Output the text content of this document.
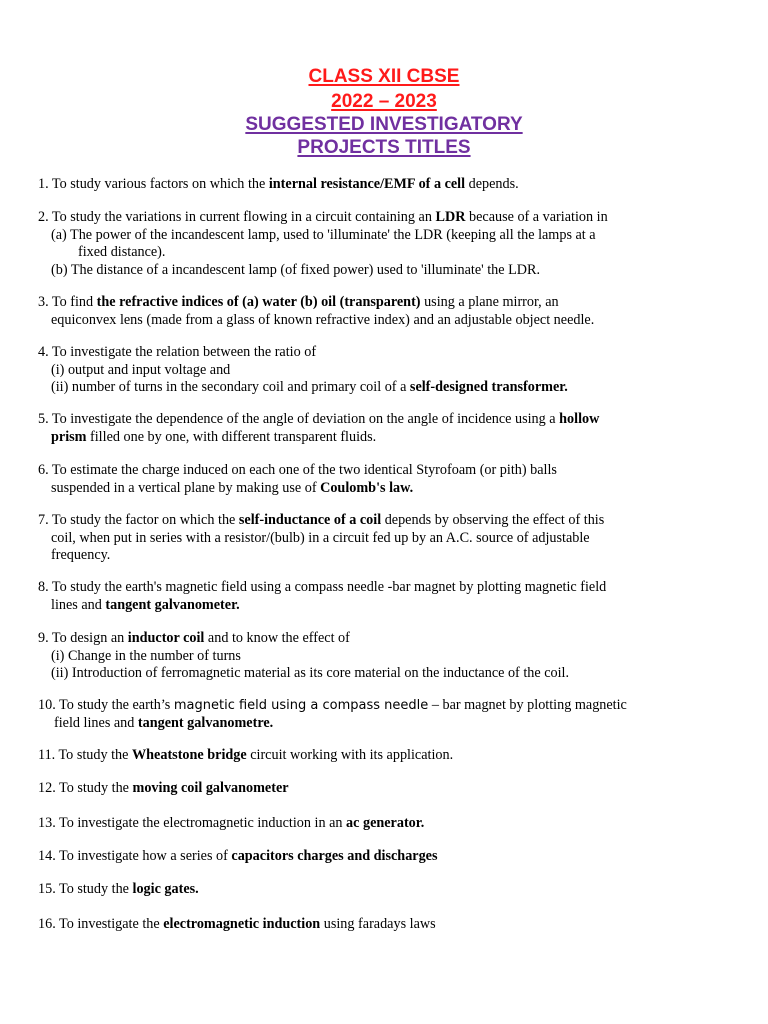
CLASS XII CBSE
2022 – 2023
SUGGESTED INVESTIGATORY
PROJECTS TITLES
1. To study various factors on which the internal resistance/EMF of a cell depends.
2. To study the variations in current flowing in a circuit containing an LDR because of a variation in
(a) The power of the incandescent lamp, used to 'illuminate' the LDR (keeping all the lamps at a
fixed distance).
(b) The distance of a incandescent lamp (of fixed power) used to 'illuminate' the LDR.
3. To find the refractive indices of (a) water (b) oil (transparent) using a plane mirror, an
equiconvex lens (made from a glass of known refractive index) and an adjustable object needle.
4. To investigate the relation between the ratio of
(i) output and input voltage and
(ii) number of turns in the secondary coil and primary coil of a self-designed transformer.
5. To investigate the dependence of the angle of deviation on the angle of incidence using a hollow
prism filled one by one, with different transparent fluids.
6. To estimate the charge induced on each one of the two identical Styrofoam (or pith) balls
suspended in a vertical plane by making use of Coulomb's law.
7. To study the factor on which the self-inductance of a coil depends by observing the effect of this
coil, when put in series with a resistor/(bulb) in a circuit fed up by an A.C. source of adjustable
frequency.
8. To study the earth's magnetic field using a compass needle -bar magnet by plotting magnetic field
lines and tangent galvanometer.
9. To design an inductor coil and to know the effect of
(i) Change in the number of turns
(ii) Introduction of ferromagnetic material as its core material on the inductance of the coil.
10. To study the earth’s magnetic field using a compass needle – bar magnet by plotting magnetic
field lines and tangent galvanometre.
11. To study the Wheatstone bridge circuit working with its application.
12. To study the moving coil galvanometer
13. To investigate the electromagnetic induction in an ac generator.
14. To investigate how a series of capacitors charges and discharges
15. To study the logic gates.
16. To investigate the electromagnetic induction using faradays laws
